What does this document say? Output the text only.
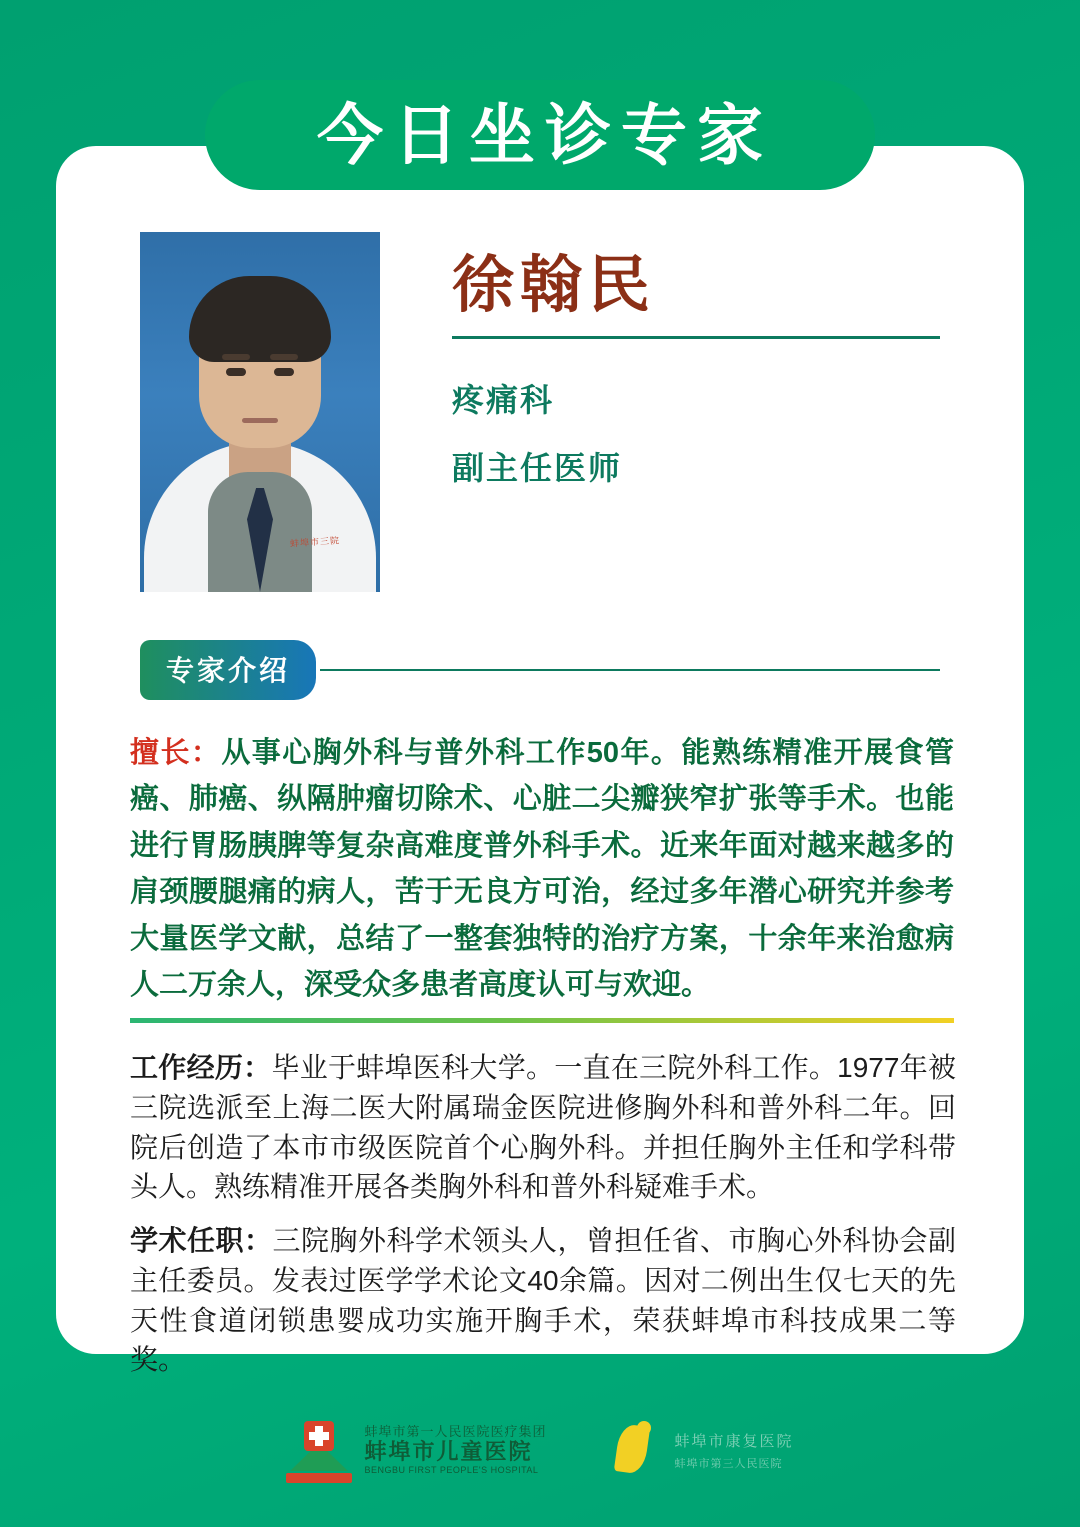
今日坐诊专家
蚌埠市三院
徐翰民
疼痛科
副主任医师
专家介绍
擅长：从事心胸外科与普外科工作50年。能熟练精准开展食管癌、肺癌、纵隔肿瘤切除术、心脏二尖瓣狭窄扩张等手术。也能进行胃肠胰脾等复杂高难度普外科手术。近来年面对越来越多的肩颈腰腿痛的病人，苦于无良方可治，经过多年潜心研究并参考大量医学文献，总结了一整套独特的治疗方案，十余年来治愈病人二万余人，深受众多患者高度认可与欢迎。
工作经历：毕业于蚌埠医科大学。一直在三院外科工作。1977年被三院选派至上海二医大附属瑞金医院进修胸外科和普外科二年。回院后创造了本市市级医院首个心胸外科。并担任胸外主任和学科带头人。熟练精准开展各类胸外科和普外科疑难手术。
学术任职：三院胸外科学术领头人，曾担任省、市胸心外科协会副主任委员。发表过医学学术论文40余篇。因对二例出生仅七天的先天性食道闭锁患婴成功实施开胸手术，荣获蚌埠市科技成果二等奖。
蚌埠市第一人民医院医疗集团
蚌埠市儿童医院
BENGBU FIRST PEOPLE'S HOSPITAL
蚌埠市康复医院
蚌埠市第三人民医院
